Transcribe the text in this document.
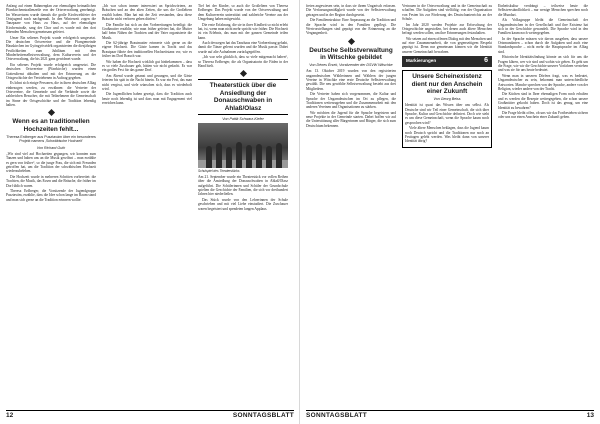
Anfang auf einen Rahmenplan zur ehemaligen heimatlichen Pfarrkirchenstraßenzeile von der Ortsverwaltung genehmigt. Im Wasserturm wurde damals die große Kirchweihfeier der Ortsjugend noch nachgemalt. In den Winterzeit zogen die Tanzpaare von Haus zu Haus, auf der ehemaligen Kirchenstraße, sang der Chor und es wurde mit den dort lebenden Menschen gemeinsam gefeiert.

Unser Ein seltenes Projekt wurde erfolgreich umgesetzt. Die deutschen Ortsvereine und die Pfarrgemeinde Hauskirchen im Gyöngyösvidék organisierten die diesjährigen Festlichkeiten zum Jubiläum mit dem Minderheitenselbstverwaltung, dem Kulturverein und der Ortsverwaltung, die bis 2021 ganz gewidmet wurde.

Ein seltenes Projekt wurde erfolgreich umgesetzt. Die deutschen Ortsvereine (Pfarrkirche) wurden einen Gottesdienst abhalten und mit der Erinnerung an die Ortsgeschichte der Vertriebenen in Auftrag gegeben.

Es lohnt sich einige Personen, die in ihren deutschen Alltag einbezogen werden, zu erwähnen: die Vertreter der Ortsvereine, die Gemeinde und die Verbände sowie die zahlreichen Besucher, die mit Teilnehmern die Gemeinschaft im Sinne der Ortsgeschichte und der Tradition lebendig halten.

Wenn es an traditionellen Hochzeiten fehlt...
Theresa Erdberger aus Pusztavám über ein besonderes Projekt namens ‚Schwäbische Hochzeit'
Von Richard Guth

„Wir sind viel auf Hochzeiten gegangen, wir konnten zum Tanzen und haben uns an die Musik gewöhnt – man erzählte es gern von früher“, so die junge Frau, die sich mit Freunden getroffen hat, um die Tradition der schwäbischen Hochzeit wiederzubeleben.

Die Hochzeit wurde in mehreren Schritten vorbereitet: die Trachten, die Musik, das Essen und die Bräuche, die früher im Dorf üblich waren.

Theresa Erdberger, die Vorsitzende der Jugendgruppe Pusztavám, erzählte, dass die Idee schon lange im Raum stand und man sich gerne an die Tradition erinnern wollte.

„Ich war schon immer interessiert an Sprichwörtern, an Bräuchen und an den alten Zeiten, die uns die Großeltern erzählt haben. Man hat mit der Zeit verstanden, dass diese Bräuche nicht verloren gehen dürfen.“

Die Familie hat sich an den Vorbereitungen beteiligt: die Großmutter erzählte, wie man früher gefeiert hat, die Mutter half beim Nähen der Trachten und der Vater organisierte die Musik.

Die 62-jährige Brautmutter erinnerte sich gerne an die eigene Hochzeit. Die Gäste kamen in Tracht und das Brautpaar führte den traditionellen Hochzeitstanz vor, wie es früher im Dorf Brauch war.

Wir haben die Hochzeit wirklich gut hinbekommen – dass es so viele Zuschauer gab, hätten wir nicht gedacht. Es war ein großes Fest für das ganze Dorf.

Am Abend wurde getanzt und gesungen, und die Gäste feierten bis spät in die Nacht hinein. Es war ein Fest, das man nicht vergisst, und viele wünschen sich, dass es wiederholt wird.

Die Jugendlichen haben gezeigt, dass die Tradition auch heute noch lebendig ist und dass man mit Engagement viel erreichen kann.

Tief bei der Kinder, so auch die Großeltern von Theresa Erdberger. Das Projekt wurde von der Ortsverwaltung und dem Kulturverein unterstützt und zahlreiche Vereine aus der Umgebung haben mitgewirkt.

Die erste Erfahrung, die sie in ihrer Kindheit so nicht erlebt hat, ist, wenn man nicht mehr spricht wie früher. Die Hochzeit ist ein Erlebnis, das man mit der ganzen Gemeinde teilen kann.

Auch deswegen hat das Tanzhaus eine Vorbereitung gehabt, damit die Tänze gelernt wurden und die Musik passte. Dabei wurde auf alte Aufnahmen zurückgegriffen.

„Ich war sehr glücklich, dass so viele mitgemacht haben“, so Theresa Erdberger, die als Organisatorin die Fäden in der Hand hielt.

Theaterstück über die Ansiedlung der Donauschwaben in Ahlaß/Olasz
Von Pattik Schwarz-Kiefer
Schulspiel des Theaterstücks

Am 21. September wurde ein Theaterstück vor vollen Reihen über die Ansiedlung der Donauschwaben in Ahlaß/Olasz aufgeführt. Die Schülerinnen und Schüler der Grundschule spielten die Geschichte der Familien, die sich vor dreihundert Jahren hier niederließen.

Das Stück wurde von den Lehrerinnen der Schule geschrieben und mit viel Liebe einstudiert. Die Zuschauer waren begeistert und spendeten langen Applaus.

12	SONNTAGSBLATT

freien angewiesen sein, in dass sie ihrem Ungarisch erfassen. Die Verfassungsmäßigkeit wurde von der Selbstverwaltung getragen und in der Region durchgesetzt.

Die Familienstruktur: Eine Anpassung an die Tradition und die Sprache wird in den Familien gepflegt. Die Wertvorstellungen sind geprägt von der Erinnerung an die Vergangenheit.

Deutsche Selbstverwaltung in Witschke gebildet
Von Dénes Érsek, Vorsitzender der DSVW Witschke

Am 13. Oktober 2019 wurden von den registrierten ungarndeutschen Wählerinnen und Wählern der jungen Vereine in Witschke eine erste Deutsche Selbstverwaltung gewählt. Die neu gewählte Selbstverwaltung besteht aus drei Mitgliedern.

Die Vertreter haben sich vorgenommen, die Kultur und Sprache der Ungarndeutschen im Ort zu pflegen, die Traditionen weiterzugeben und die Zusammenarbeit mit den anderen Vereinen und Organisationen zu stärken.

Wir möchten die Jugend für die Sprache begeistern und neue Projekte in der Gemeinde starten. Dabei hoffen wir auf die Unterstützung aller Bürgerinnen und Bürger, die sich zum Deutschtum bekennen.

Vertrauen in die Ortsverwaltung und in die Gemeinschaft zu schaffen. Die Aufgaben sind vielfältig: von der Organisation von Festen bis zur Förderung des Deutschunterrichts an der Schule.

Im Jahr 2020 werden Projekte zur Erforschung der Ortsgeschichte angestoßen, bei denen auch ältere Menschen befragt werden sollen, um ihre Erinnerungen festzuhalten.

Wir setzen auf einen offenen Dialog mit den Menschen und auf eine Zusammenarbeit, die von gegenseitigem Respekt geprägt ist. Denn nur gemeinsam können wir die Identität unserer Gemeinschaft bewahren.

Markierungen	6
Unsere Scheinexistenz dient nur den Anschein einer Zukunft
Von Georg Beiss

Identität ist quasi das Wissen über uns selbst. Als Deutsche sind wir Teil einer Gemeinschaft, die sich über Sprache, Kultur und Geschichte definiert. Doch wie steht es um diese Gemeinschaft, wenn die Sprache kaum noch gesprochen wird?

Viele ältere Menschen beklagen, dass die Jugend kaum noch Deutsch spricht und die Traditionen nur noch an Festtagen gelebt werden. Was bleibt dann von unserer Identität übrig?

Einheitskultur verdrängt – teilweise heute die Selbstverständlichkeit – nur wenige Menschen sprechen noch die Mundart.

Als Volksgruppe bleibt die Gemeinschaft der Ungarndeutschen in der Gesellschaft und ihre Existenz hat sich in der Geschichte gewandelt. Die Sprache wird in den Familien kaum noch weitergegeben.

In der Sprache müssen wir davon ausgehen, dass unsere Ortsmundarten – schon durch die Aufgaben und auch eine Standardsprache – nicht mehr die Hauptsprache im Alltag sind.

Historische Identitätsfindung könnte an sich für uns die Fragen klären, wer wir sind und wohin wir gehen. Es geht um die Frage, wie wir die Geschichte unserer Vorfahren verstehen und was sie für uns heute bedeutet.

Wenn man in unseren Dörfern fragt, was es bedeutet, Ungarndeutscher zu sein, bekommt man unterschiedliche Antworten. Manche sprechen von der Sprache, andere von der Religion, wieder andere von der Tracht.

Die Küchen sind in Ihrer ehemaligen Form noch erhalten und es werden die Rezepte weitergegeben, die schon unsere Großmütter gekocht haben. Doch ist das genug, um eine Identität zu bewahren?

Die Frage bleibt offen, ob uns wir das Fortbestehen sichern oder uns nur einen Anschein einer Zukunft geben.

SONNTAGSBLATT	13
